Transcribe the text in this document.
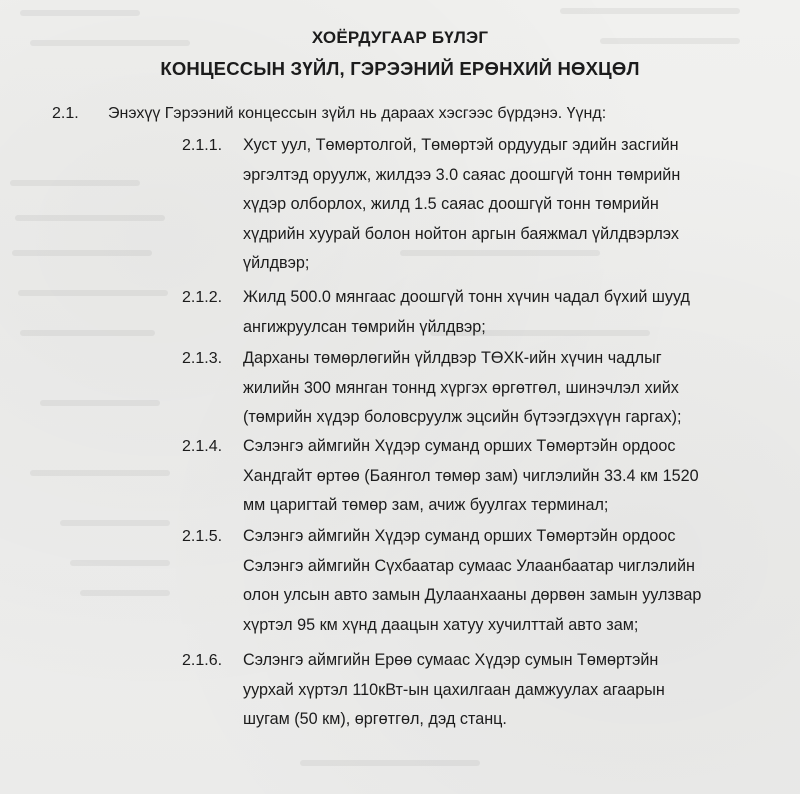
ХОЁРДУГААР БҮЛЭГ
КОНЦЕССЫН ЗҮЙЛ, ГЭРЭЭНИЙ ЕРӨНХИЙ НӨХЦӨЛ
2.1. Энэхүү Гэрээний концессын зүйл нь дараах хэсгээс бүрдэнэ. Үүнд:
2.1.1. Хуст уул, Төмөртолгой, Төмөртэй ордуудыг эдийн засгийн
эргэлтэд оруулж, жилдээ 3.0 саяас доошгүй тонн төмрийн
хүдэр олборлох, жилд 1.5 саяас доошгүй тонн төмрийн
хүдрийн хуурай болон нойтон аргын баяжмал үйлдвэрлэх
үйлдвэр;
2.1.2. Жилд 500.0 мянгаас доошгүй тонн хүчин чадал бүхий шууд
ангижруулсан төмрийн үйлдвэр;
2.1.3. Дарханы төмөрлөгийн үйлдвэр ТӨХК-ийн хүчин чадлыг
жилийн 300 мянган тоннд хүргэх өргөтгөл, шинэчлэл хийх
(төмрийн хүдэр боловсруулж эцсийн бүтээгдэхүүн гаргах);
2.1.4. Сэлэнгэ аймгийн Хүдэр суманд орших Төмөртэйн ордоос
Хандгайт өртөө (Баянгол төмөр зам) чиглэлийн 33.4 км 1520
мм царигтай төмөр зам, ачиж буулгах терминал;
2.1.5. Сэлэнгэ аймгийн Хүдэр суманд орших Төмөртэйн ордоос
Сэлэнгэ аймгийн Сүхбаатар сумаас Улаанбаатар чиглэлийн
олон улсын авто замын Дулаанхааны дөрвөн замын уулзвар
хүртэл 95 км хүнд даацын хатуу хучилттай авто зам;
2.1.6. Сэлэнгэ аймгийн Ерөө сумаас Хүдэр сумын Төмөртэйн
уурхай хүртэл 110кВт-ын цахилгаан дамжуулах агаарын
шугам (50 км), өргөтгөл, дэд станц.
